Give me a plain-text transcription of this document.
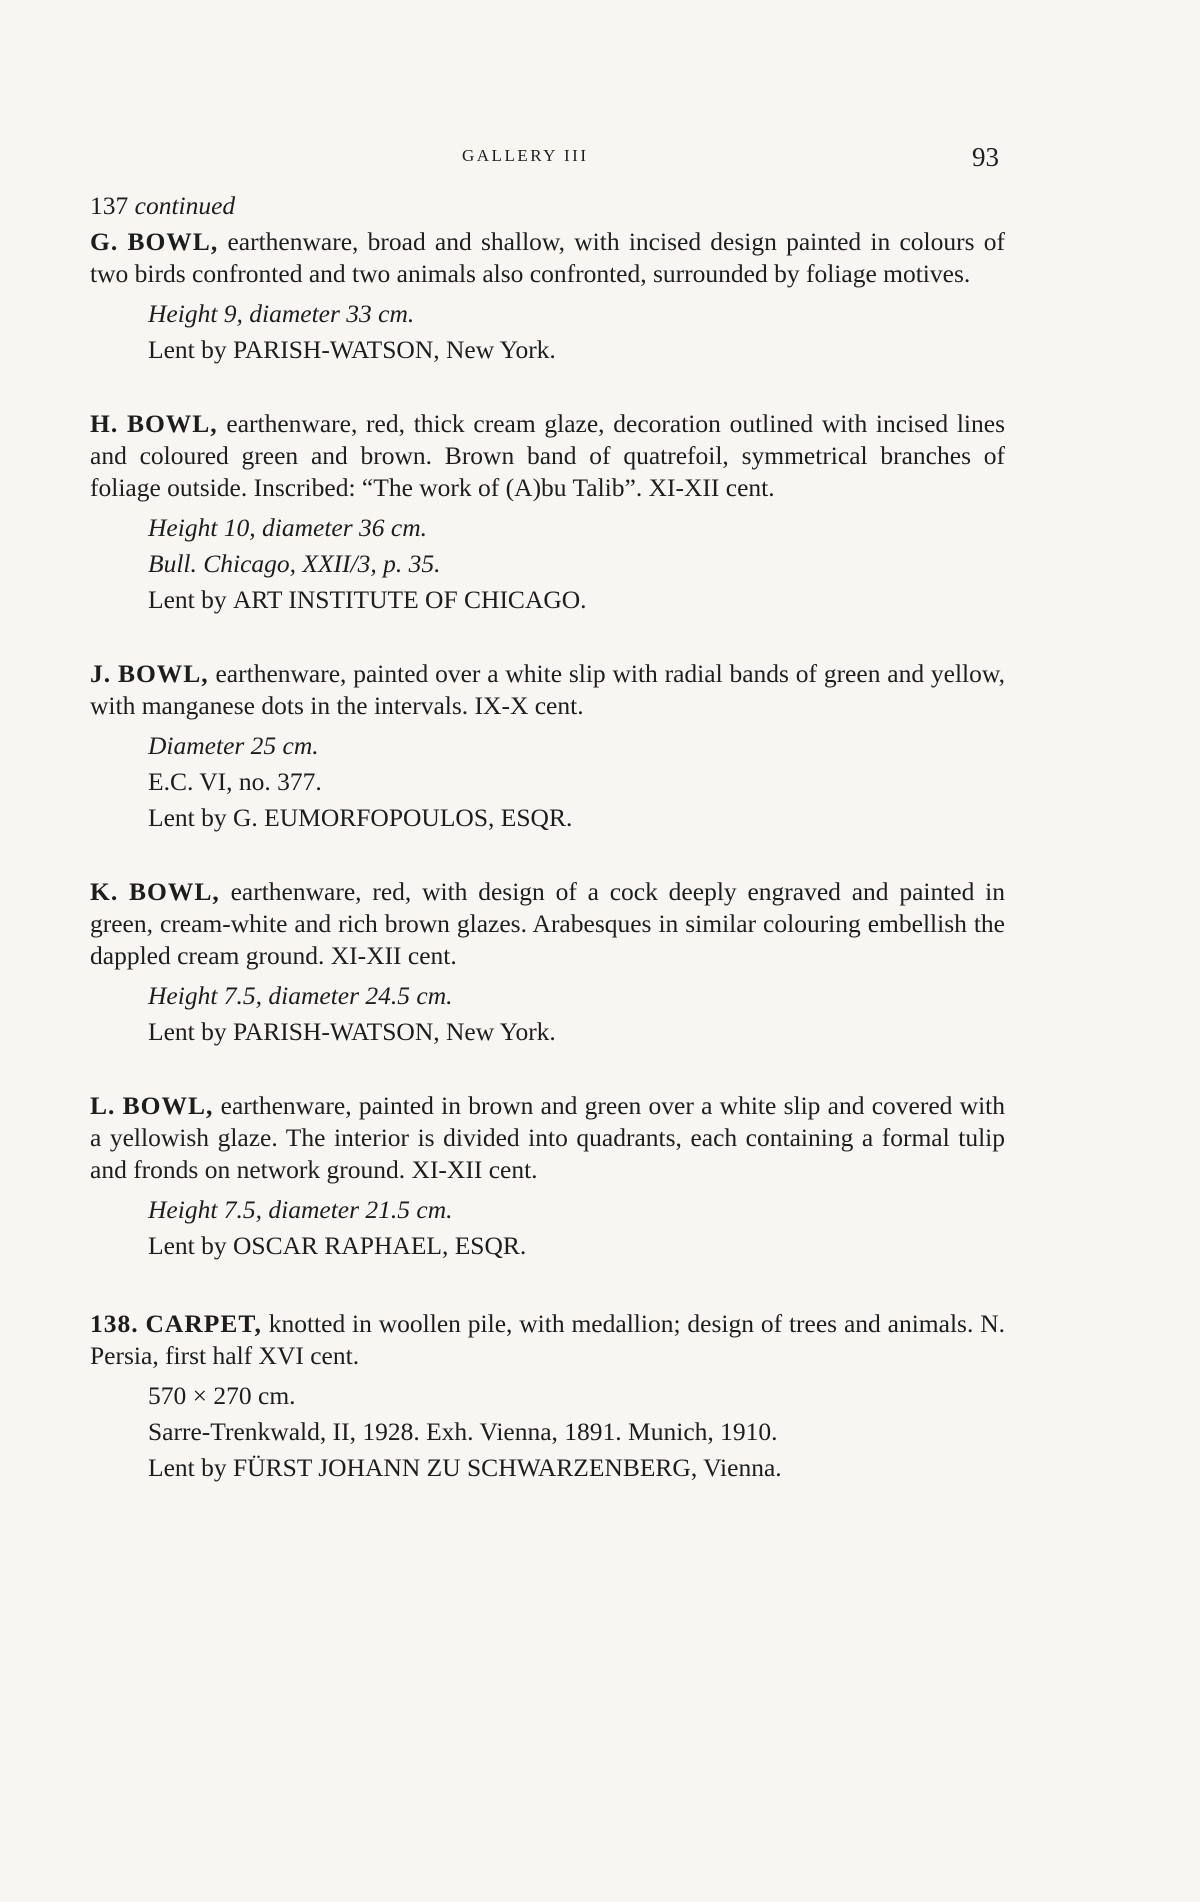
GALLERY III	93

137 continued

G. BOWL, earthenware, broad and shallow, with incised design painted in colours of two birds confronted and two animals also confronted, surrounded by foliage motives.

Height 9, diameter 33 cm.

Lent by PARISH-WATSON, New York.

H. BOWL, earthenware, red, thick cream glaze, decoration outlined with incised lines and coloured green and brown. Brown band of quatrefoil, symmetrical branches of foliage outside. Inscribed: “The work of (A)bu Talib”. XI-XII cent.

Height 10, diameter 36 cm.

Bull. Chicago, XXII/3, p. 35.

Lent by ART INSTITUTE OF CHICAGO.

J. BOWL, earthenware, painted over a white slip with radial bands of green and yellow, with manganese dots in the intervals. IX-X cent.

Diameter 25 cm.

E.C. VI, no. 377.

Lent by G. EUMORFOPOULOS, ESQR.

K. BOWL, earthenware, red, with design of a cock deeply engraved and painted in green, cream-white and rich brown glazes. Arabesques in similar colouring embellish the dappled cream ground. XI-XII cent.

Height 7.5, diameter 24.5 cm.

Lent by PARISH-WATSON, New York.

L. BOWL, earthenware, painted in brown and green over a white slip and covered with a yellowish glaze. The interior is divided into quadrants, each containing a formal tulip and fronds on network ground. XI-XII cent.

Height 7.5, diameter 21.5 cm.

Lent by OSCAR RAPHAEL, ESQR.

138. CARPET, knotted in woollen pile, with medallion; design of trees and animals. N. Persia, first half XVI cent.

570 × 270 cm.

Sarre-Trenkwald, II, 1928. Exh. Vienna, 1891. Munich, 1910.

Lent by FÜRST JOHANN ZU SCHWARZENBERG, Vienna.
